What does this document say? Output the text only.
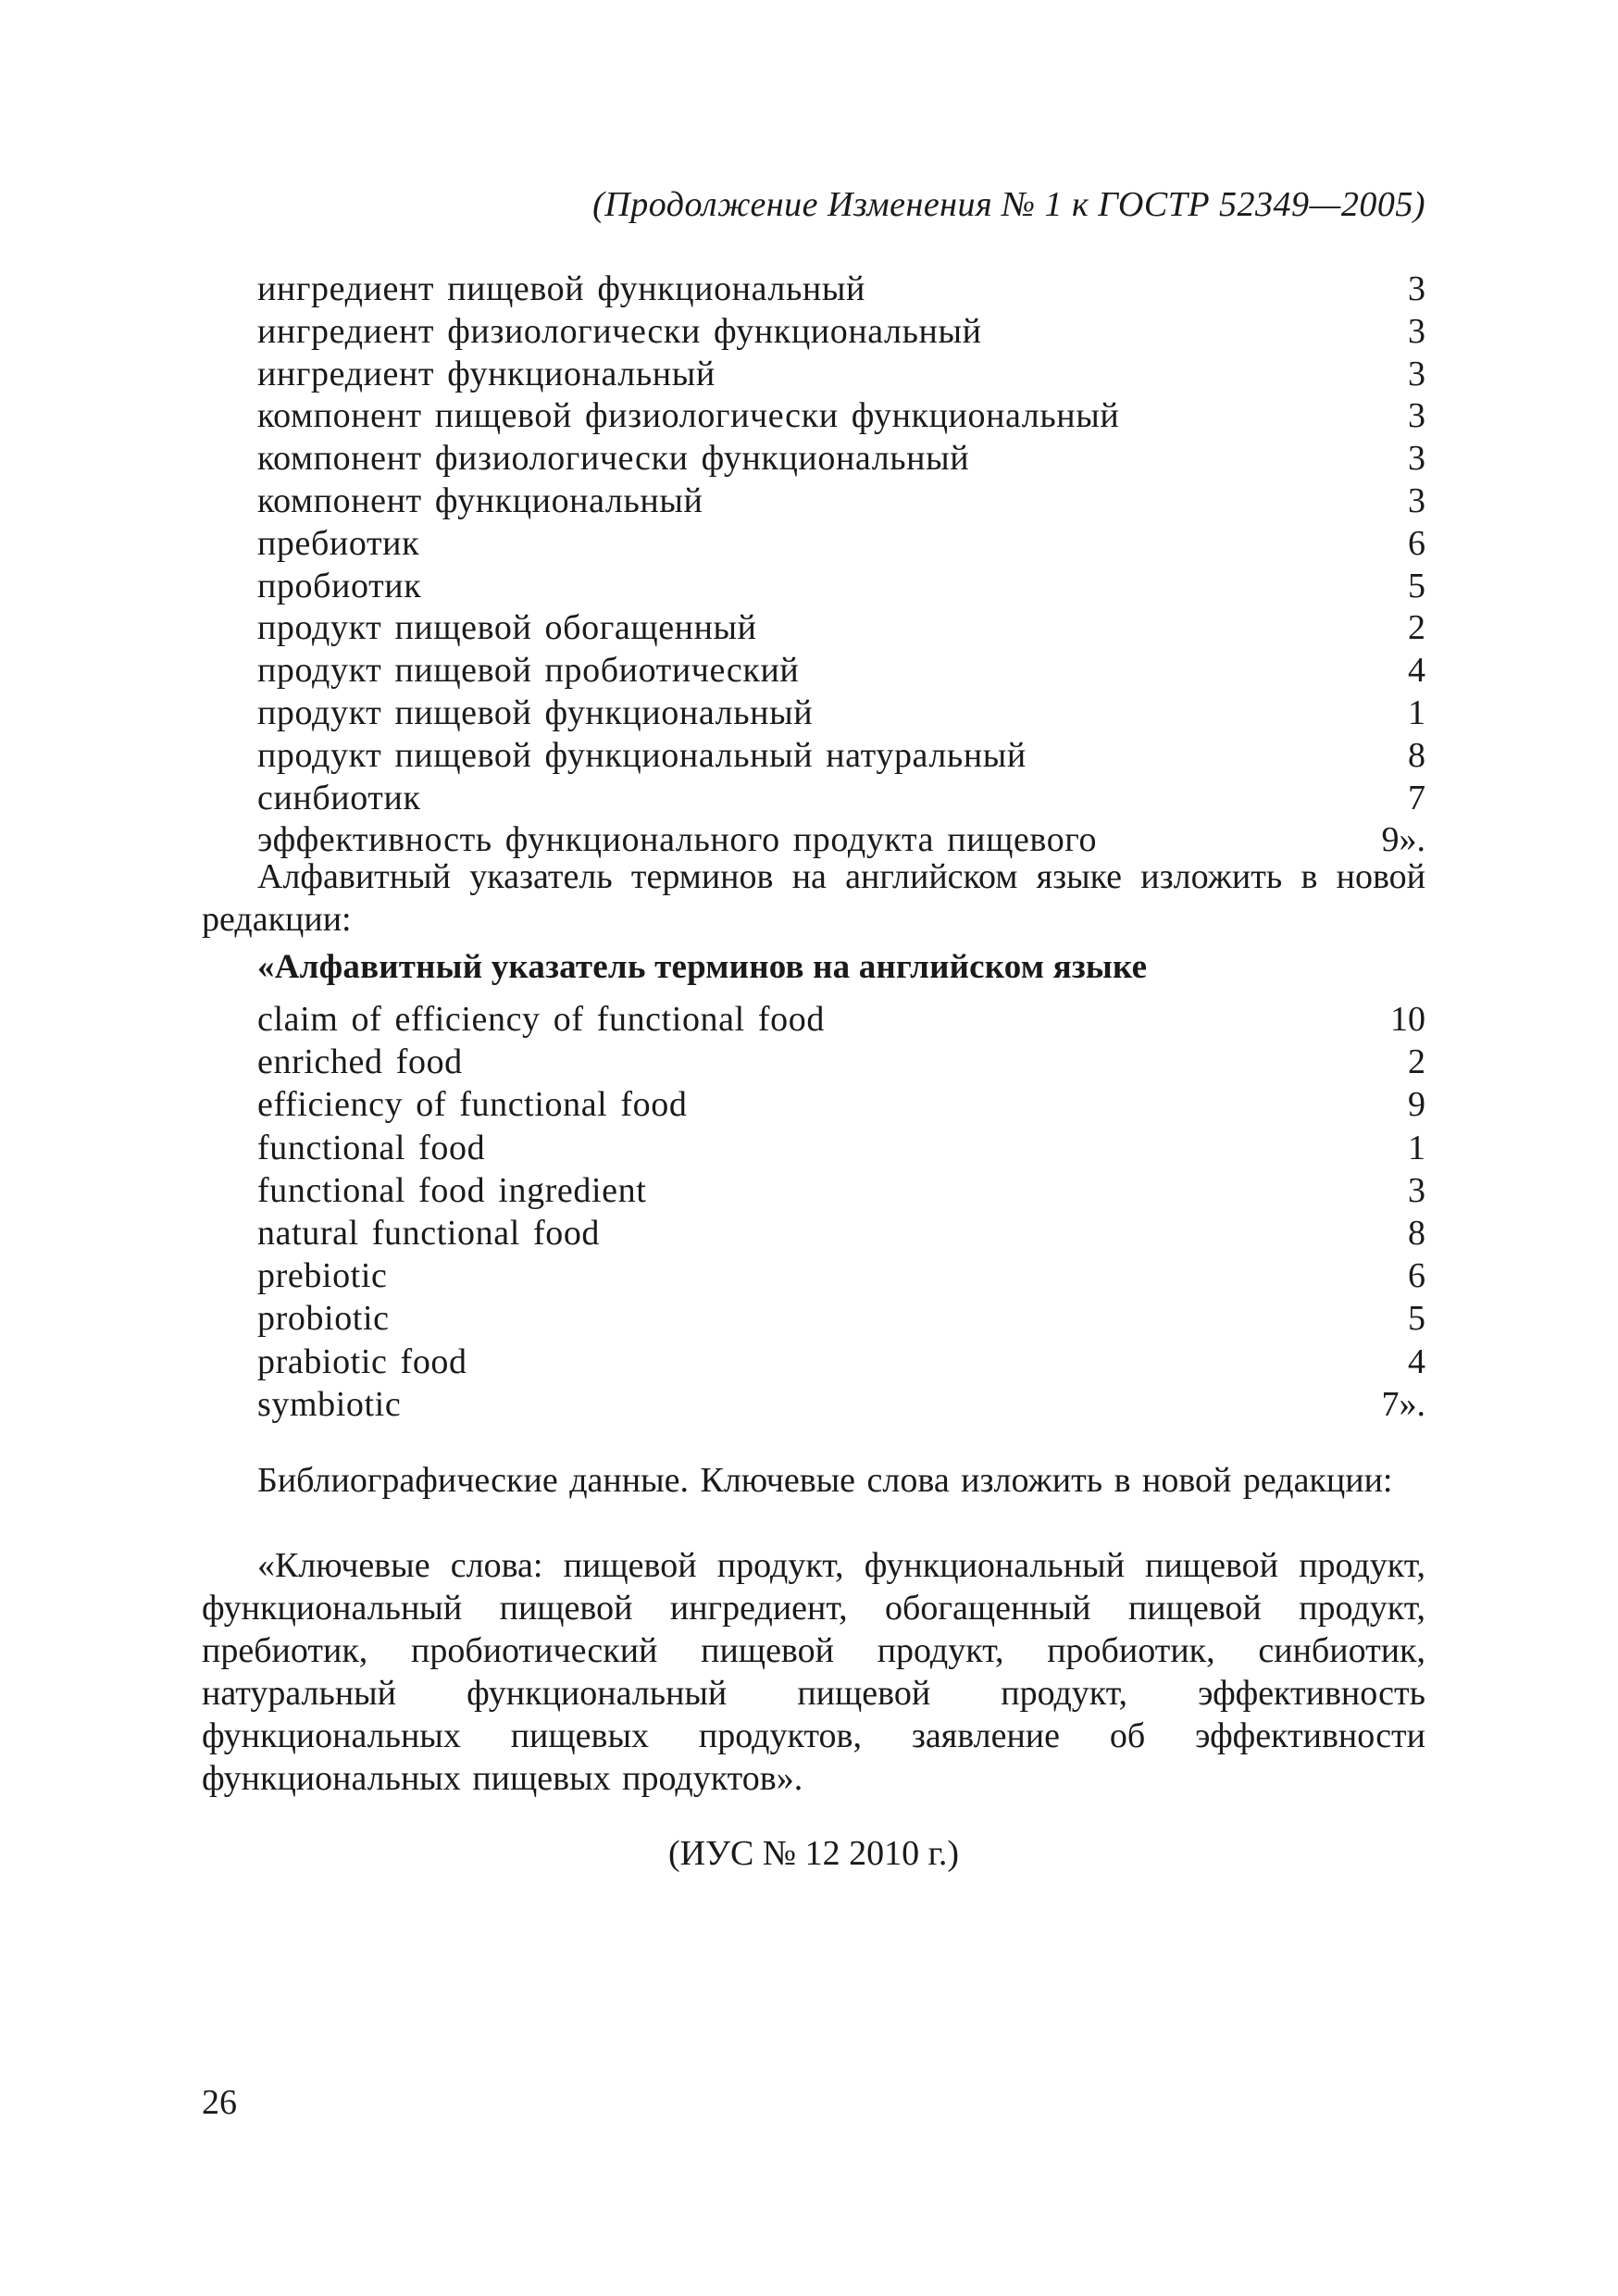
(Продолжение Изменения № 1 к ГОСТР 52349—2005)
ингредиент пищевой функциональный	3
ингредиент физиологически функциональный	3
ингредиент функциональный	3
компонент пищевой физиологически функциональный	3
компонент физиологически функциональный	3
компонент функциональный	3
пребиотик	6
пробиотик	5
продукт пищевой обогащенный	2
продукт пищевой пробиотический	4
продукт пищевой функциональный	1
продукт пищевой функциональный натуральный	8
синбиотик	7
эффективность функционального продукта пищевого	9».

Алфавитный указатель терминов на английском языке изложить в новой редакции:

«Алфавитный указатель терминов на английском языке
claim of efficiency of functional food	10
enriched food	2
efficiency of functional food	9
functional food	1
functional food ingredient	3
natural functional food	8
prebiotic	6
probiotic	5
prabiotic food	4
symbiotic	7».

Библиографические данные. Ключевые слова изложить в новой редакции:

«Ключевые слова: пищевой продукт, функциональный пищевой продукт, функциональный пищевой ингредиент, обогащенный пищевой продукт, пребиотик, пробиотический пищевой продукт, пробиотик, синбиотик, натуральный функциональный пищевой продукт, эффективность функциональных пищевых продуктов, заявление об эффективности функциональных пищевых продуктов».

(ИУС № 12 2010 г.)
26
